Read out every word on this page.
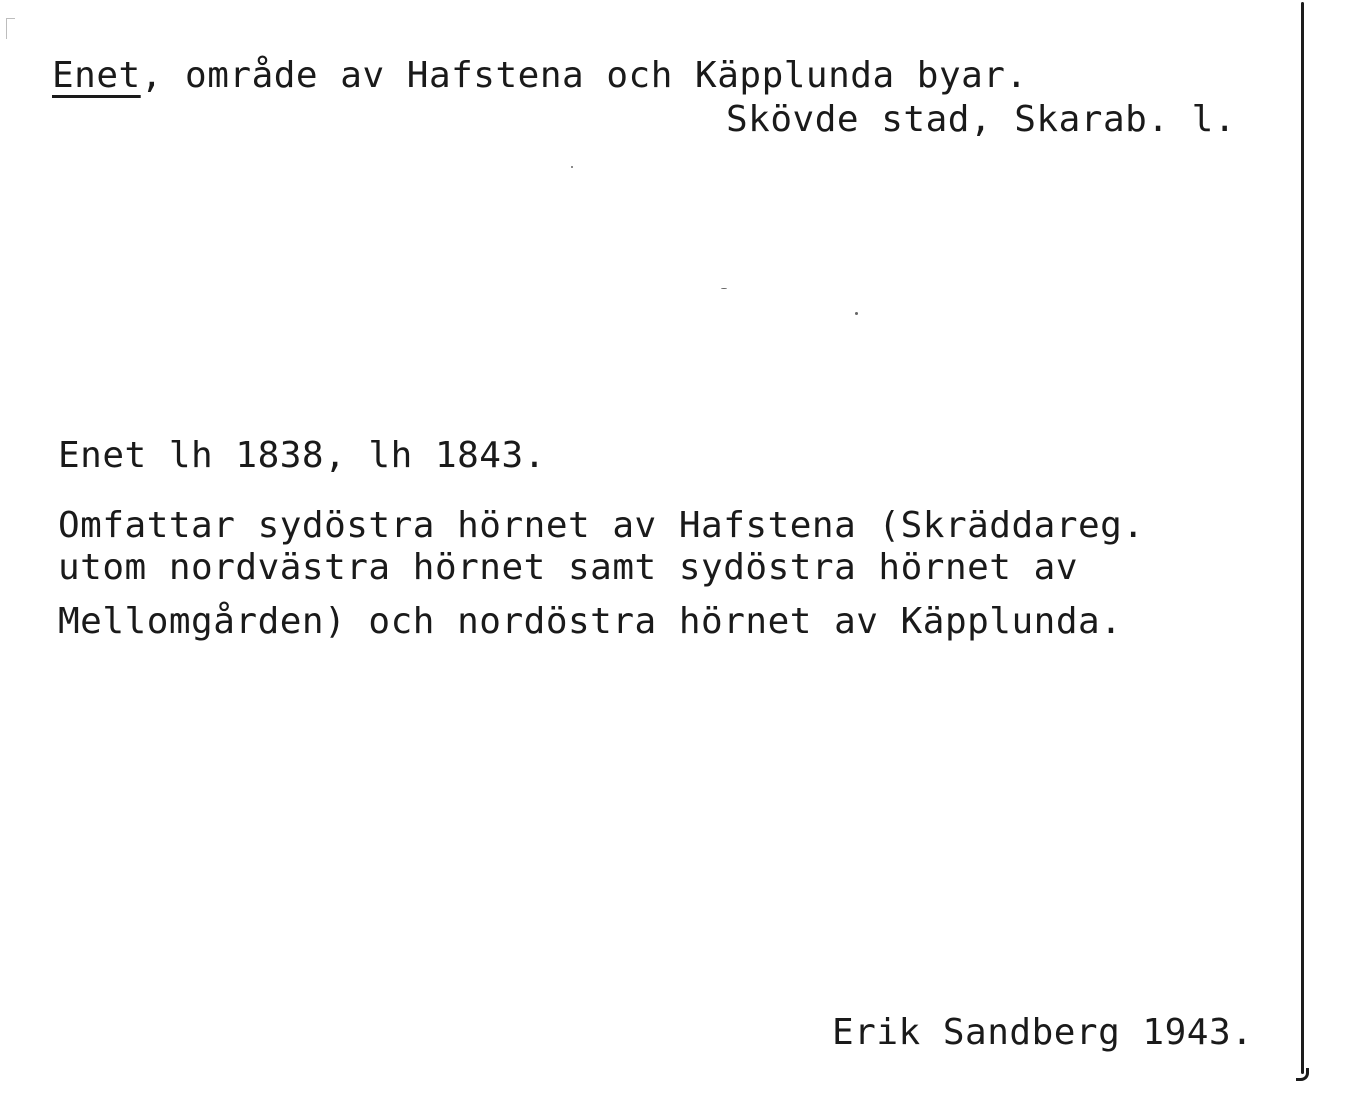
Enet, område av Hafstena och Käpplunda byar.
Skövde stad, Skarab. l.
Enet lh 1838, lh 1843.
Omfattar sydöstra hörnet av Hafstena (Skräddareg.
utom nordvästra hörnet samt sydöstra hörnet av
Mellomgården) och nordöstra hörnet av Käpplunda.
Erik Sandberg 1943.
